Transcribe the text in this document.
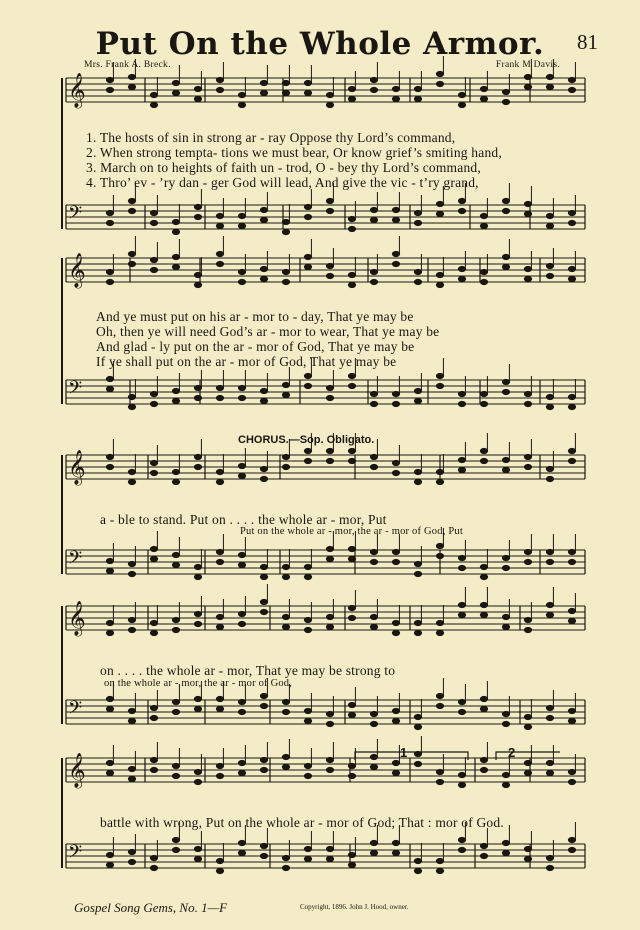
Put On the Whole Armor.	81
Mrs. Frank A. Breck.	Frank M Davis.
𝄞
𝄢
𝄞
𝄢
𝄞
𝄢
𝄞
𝄢
𝄞
𝄢
1. The hosts of sin in strong ar - ray Oppose thy Lord’s command,
2. When strong tempta- tions we must bear, Or know grief’s smiting hand,
3. March on to heights of faith un - trod, O - bey thy Lord’s command,
4. Thro’ ev - ’ry dan - ger God will lead, And give the vic - t’ry grand,
And ye must put on his ar - mor to - day, That ye may be
Oh, then ye will need God’s ar - mor to wear, That ye may be
And glad - ly put on the ar - mor of God, That ye may be
If ye shall put on the ar - mor of God, That ye may be
CHORUS.—Sop. Obligato.
a - ble to stand. Put on . . . . the whole ar - mor, Put
Put on the whole ar - mor, the ar - mor of God, Put
on . . . . the whole ar - mor, That ye may be strong to
on the whole ar - mor, the ar - mor of God,
battle with wrong, Put on the whole ar - mor of God; That : mor of God.
1	2
Gospel Song Gems, No. 1—F	Copyright, 1896. John J. Hood, owner.
